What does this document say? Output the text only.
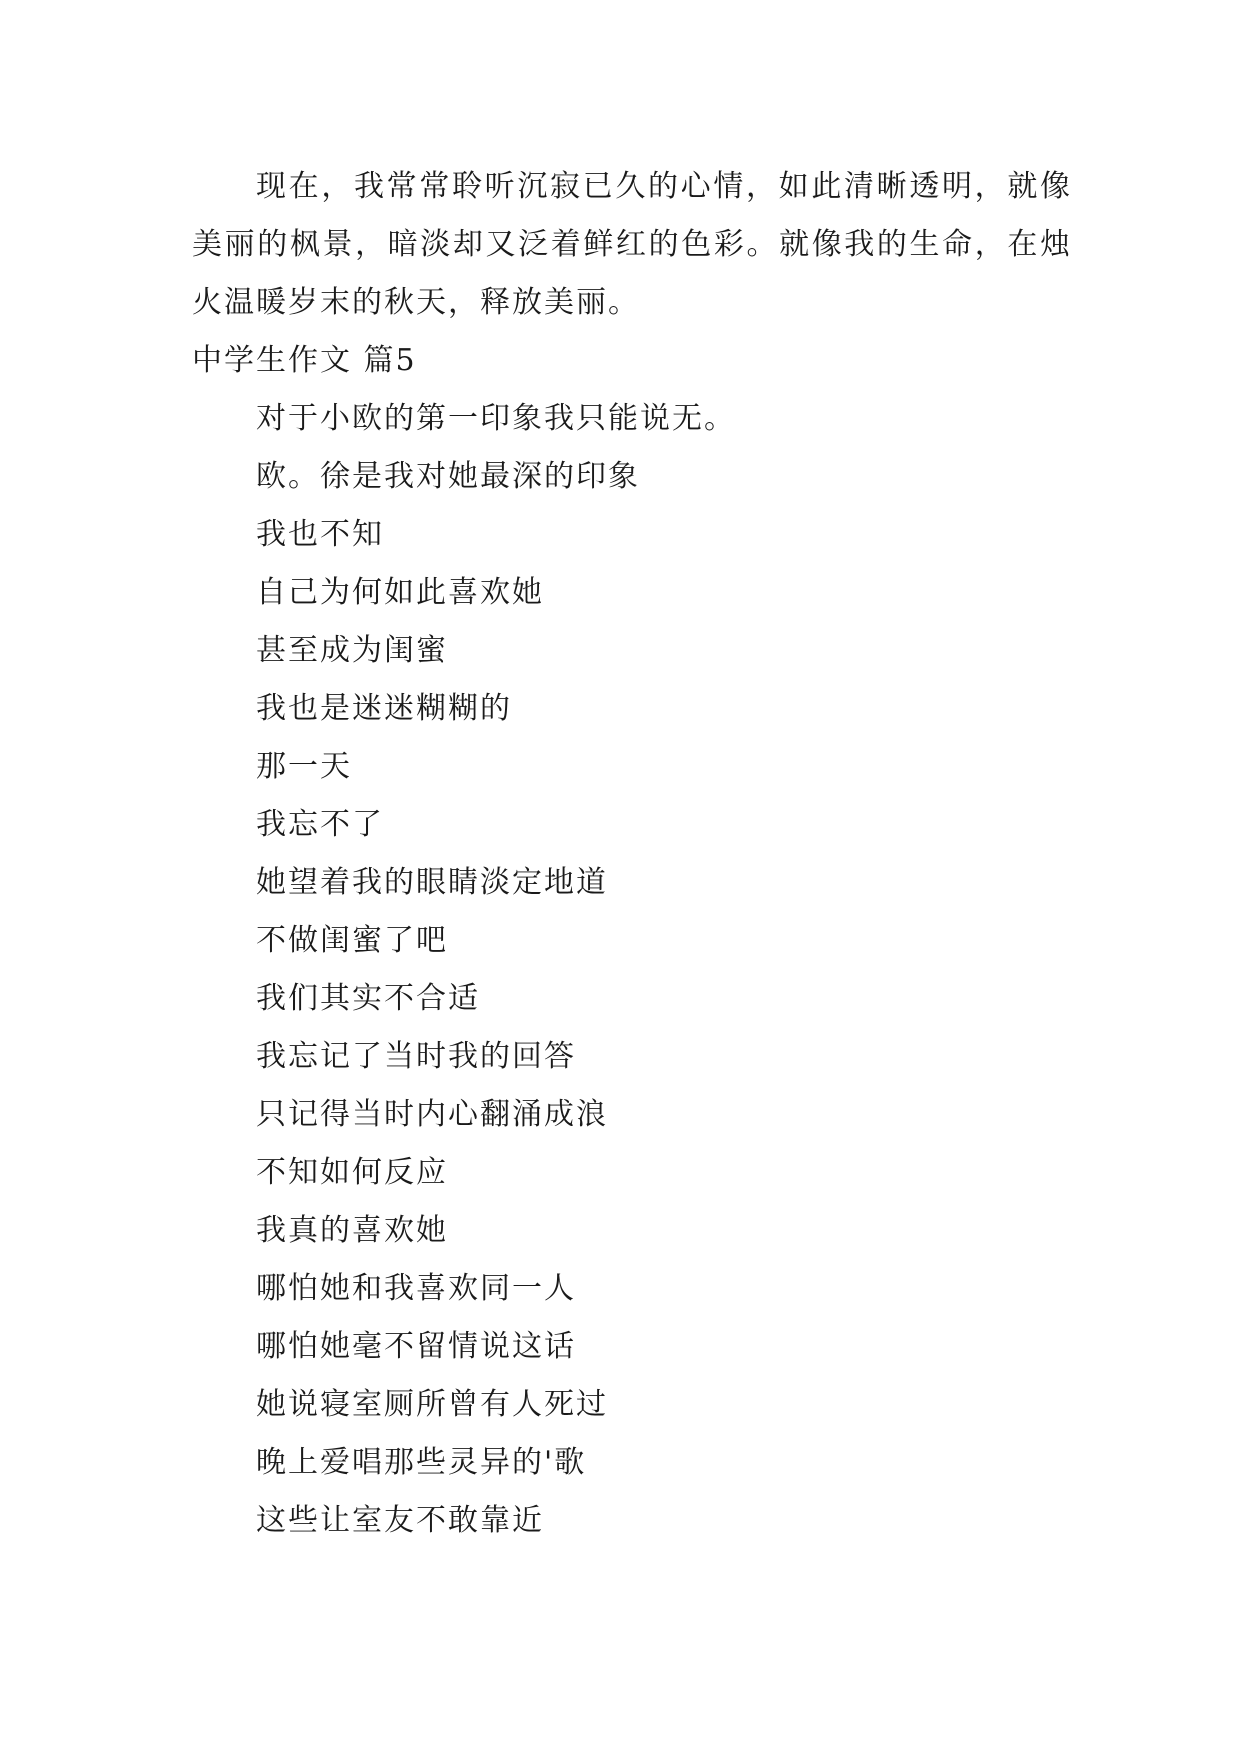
现在，我常常聆听沉寂已久的心情，如此清晰透明，就像美丽的枫景，暗淡却又泛着鲜红的色彩。就像我的生命，在烛火温暖岁末的秋天，释放美丽。

中学生作文 篇5

对于小欧的第一印象我只能说无。

欧。徐是我对她最深的印象

我也不知

自己为何如此喜欢她

甚至成为闺蜜

我也是迷迷糊糊的

那一天

我忘不了

她望着我的眼睛淡定地道

不做闺蜜了吧

我们其实不合适

我忘记了当时我的回答

只记得当时内心翻涌成浪

不知如何反应

我真的喜欢她

哪怕她和我喜欢同一人

哪怕她毫不留情说这话

她说寝室厕所曾有人死过

晚上爱唱那些灵异的'歌

这些让室友不敢靠近
